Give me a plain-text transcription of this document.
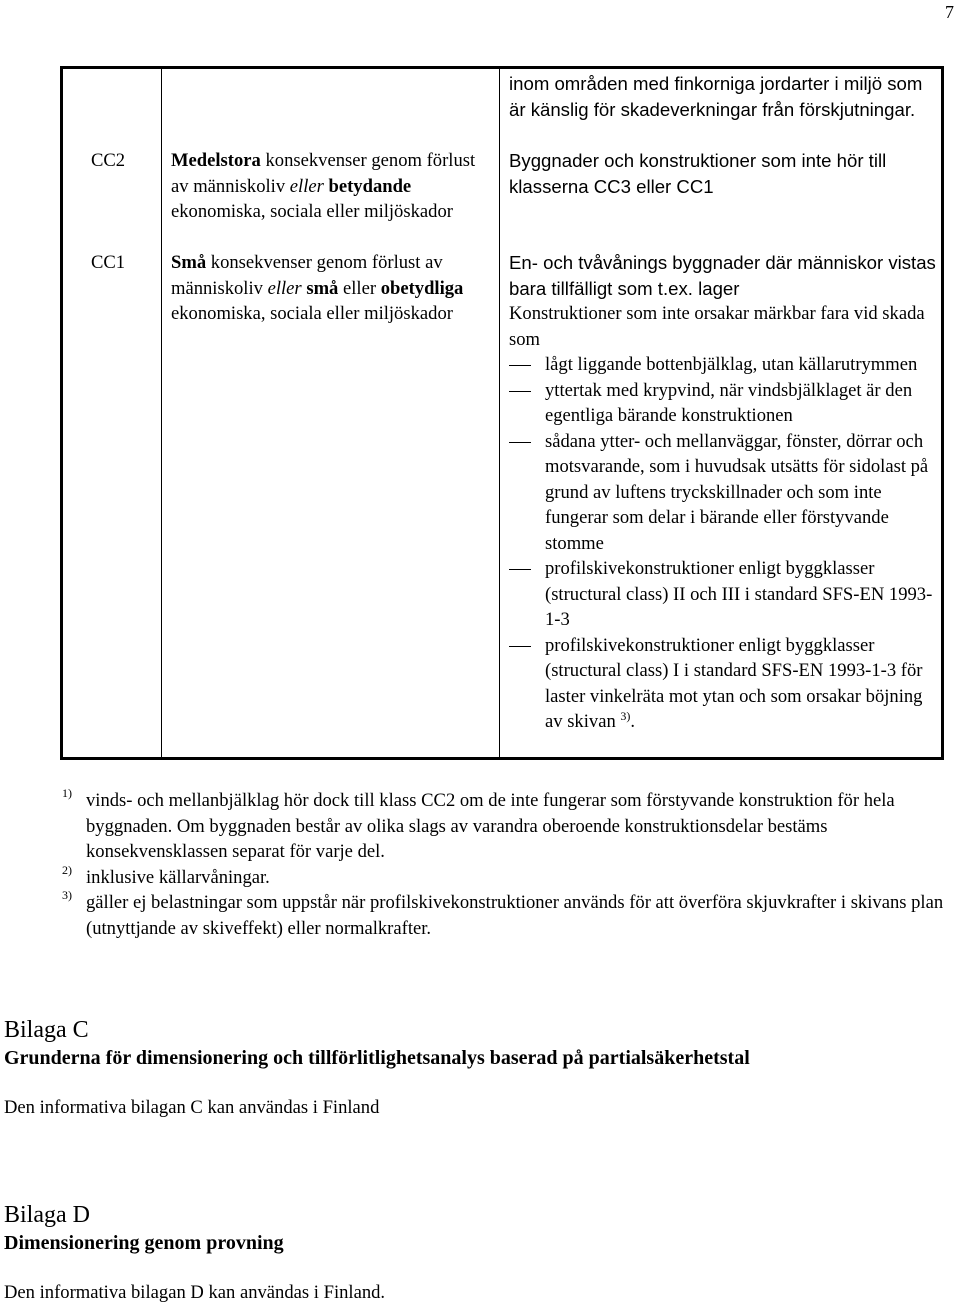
7
CC2	Medelstora konsekvenser genom förlust av människoliv eller betydande ekonomiska, sociala eller miljöskador
CC1	Små konsekvenser genom förlust av människoliv eller små eller obetydliga ekonomiska, sociala eller miljöskador
inom områden med finkorniga jordarter i miljö som är känslig för skadeverkningar från förskjutningar.
Byggnader och konstruktioner som inte hör till klasserna CC3 eller CC1
En- och tvåvånings byggnader där människor vistas bara tillfälligt som t.ex. lager
Konstruktioner som inte orsakar märkbar fara vid skada som
lågt liggande bottenbjälklag, utan källarutrymmen
yttertak med krypvind, när vindsbjälklaget är den egentliga bärande konstruktionen
sådana ytter- och mellanväggar, fönster, dörrar och motsvarande, som i huvudsak utsätts för sidolast på grund av luftens tryckskillnader och som inte fungerar som delar i bärande eller förstyvande stomme
profilskivekonstruktioner enligt byggklasser (structural class) II och III i standard SFS-EN 1993-1-3
profilskivekonstruktioner enligt byggklasser (structural class) I i standard SFS-EN 1993-1-3 för laster vinkelräta mot ytan och som orsakar böjning av skivan $^{3)}$.
1) vinds- och mellanbjälklag hör dock till klass CC2 om de inte fungerar som förstyvande konstruktion för hela byggnaden. Om byggnaden består av olika slags av varandra oberoende konstruktionsdelar bestäms konsekvensklassen separat för varje del.
2) inklusive källarvåningar.
3) gäller ej belastningar som uppstår när profilskivekonstruktioner används för att överföra skjuvkrafter i skivans plan (utnyttjande av skiveffekt) eller normalkrafter.
Bilaga C
Grunderna för dimensionering och tillförlitlighetsanalys baserad på partialsäkerhetstal
Den informativa bilagan C kan användas i Finland
Bilaga D
Dimensionering genom provning
Den informativa bilagan D kan användas i Finland.
